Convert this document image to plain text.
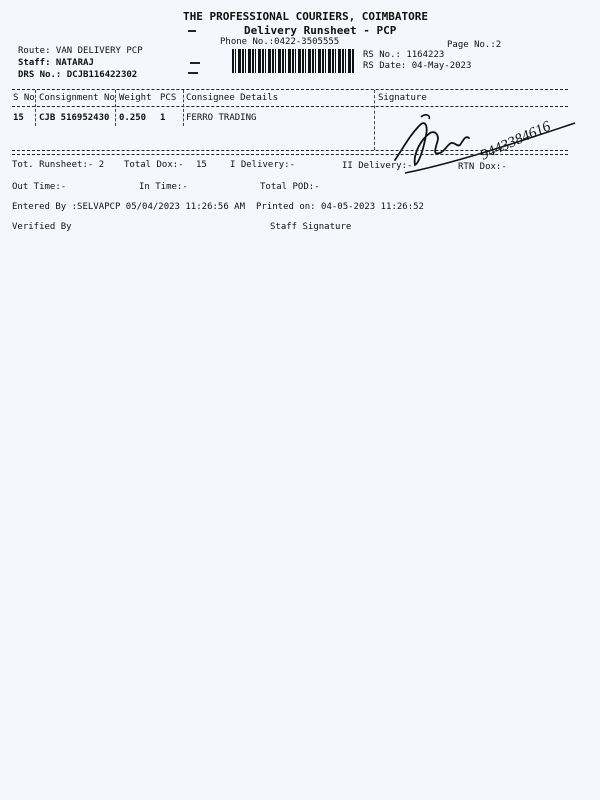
THE PROFESSIONAL COURIERS, COIMBATORE
Delivery Runsheet - PCP
Phone No.:0422-3505555	Page No.:2
Route: VAN DELIVERY PCP
Staff: NATARAJ
DRS No.: DCJB116422302
RS No.: 1164223
RS Date: 04-May-2023
S No Consignment No Weight PCS Consignee Details	Signature
15 CJB 516952430 0.250 1 FERRO TRADING
9443384616
Tot. Runsheet:- 2 Total Dox:- 15	I Delivery:-	II Delivery:-	RTN Dox:-
Out Time:-	In Time:-	Total POD:-
Entered By :SELVAPCP 05/04/2023 11:26:56 AM Printed on: 04-05-2023 11:26:52
Verified By	Staff Signature
